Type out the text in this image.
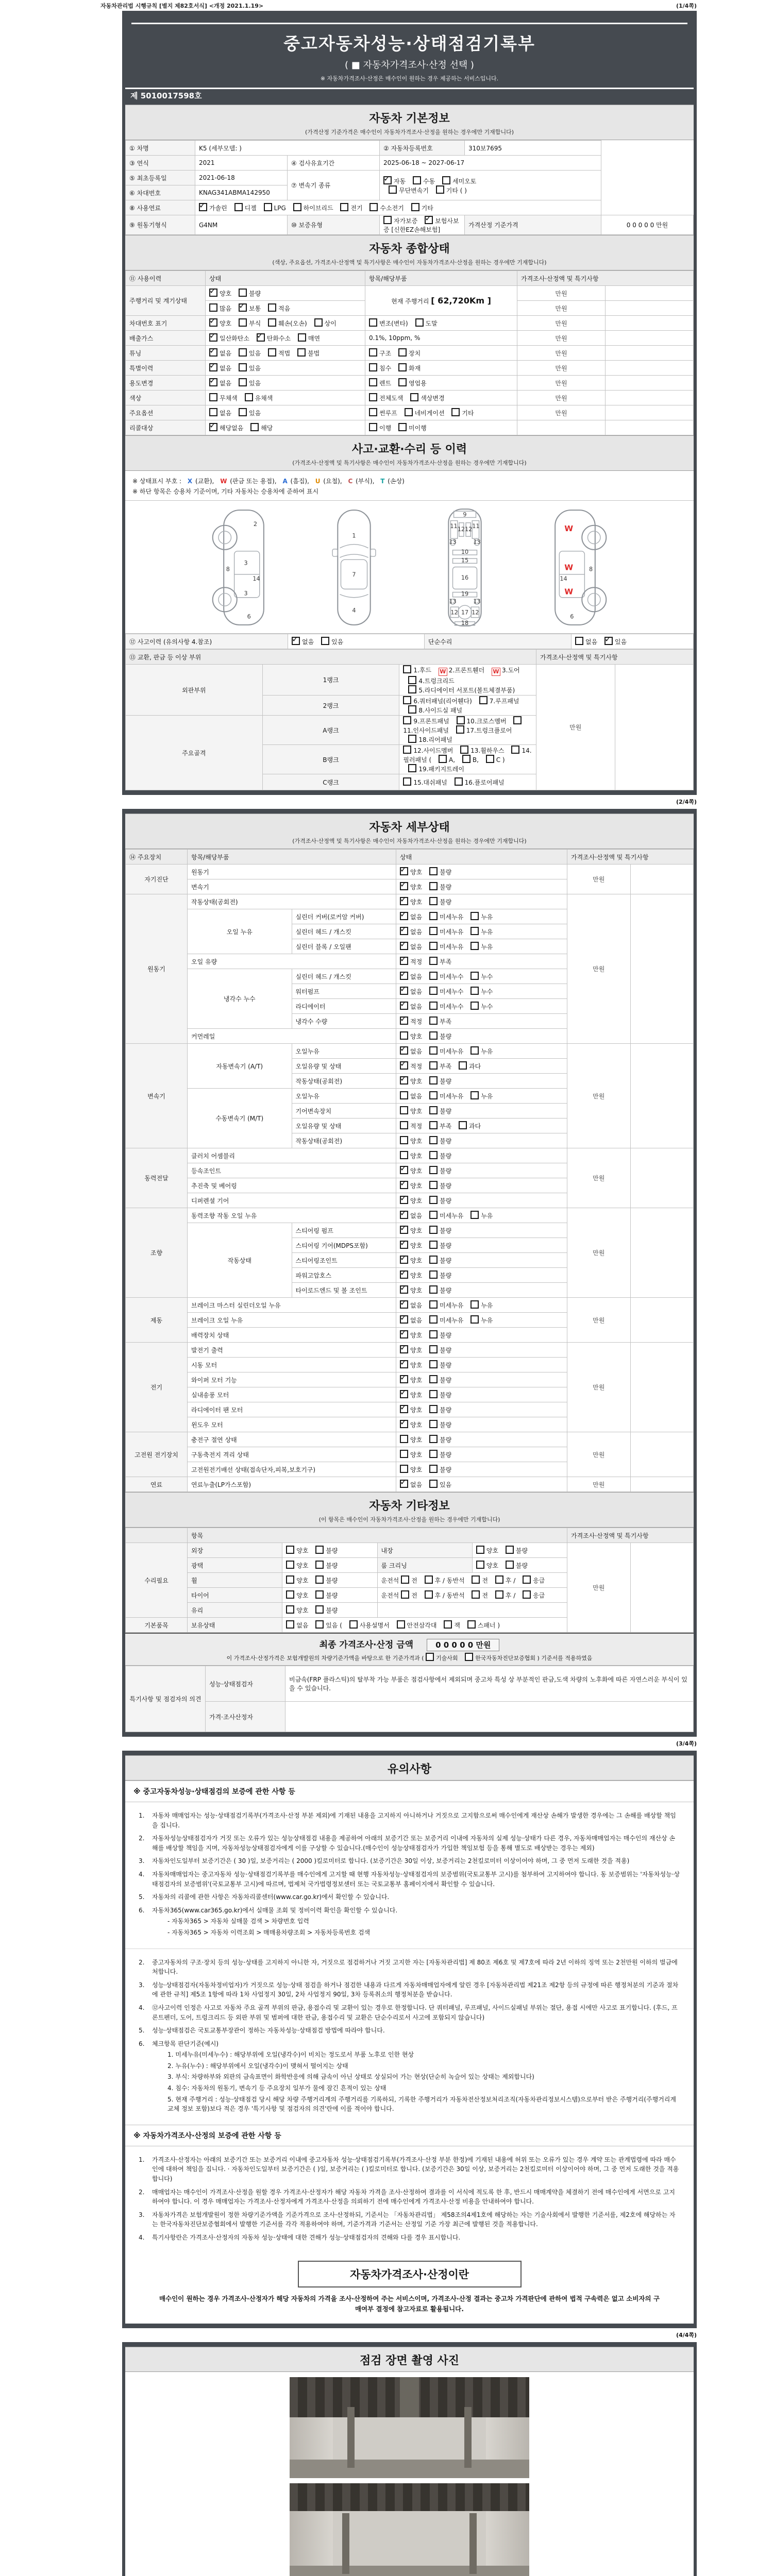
자동차관리법 시행규칙 [별지 제82호서식] <개정 2021.1.19>	(1/4쪽)
중고자동차성능·상태점검기록부
( ■ 자동차가격조사·산정 선택 )
※ 자동차가격조사·산정은 매수인이 원하는 경우 제공하는 서비스입니다.
제 5010017598호
자동차 기본정보
(가격산정 기준가격은 매수인이 자동차가격조사·산정을 원하는 경우에만 기재합니다)
① 차명	K5 (세부모델: )		② 자동차등록번호	310보7695	
③ 연식	2021	④ 검사유효기간	2025-06-18 ~ 2027-06-17		
⑤ 최초등록일	2021-06-18	⑦ 변속기 종류	✓자동 수동 세미오토
무단변속기 기타 ( )
⑥ 차대번호	KNAG341ABMA142950				
⑧ 사용연료	✓가솔린 디젤 LPG 하이브리드 전기 수소전기 기타
⑨ 원동기형식	G4NM	⑩ 보증유형	자가보증 ✓ 보험사보증 [신한EZ손해보험]	가격산정 기준가격	0 0 0 0 0 만원
자동차 종합상태
(색상, 주요옵션, 가격조사·산정액 및 특기사항은 매수인이 자동차가격조사·산정을 원하는 경우에만 기재합니다)
⑪ 사용이력	상태	항목/해당부품	가격조사·산정액 및 특기사항	
주행거리 및 계기상태	✓양호 불량	현재 주행거리 [ 62,720Km ]	만원	
	많음 ✓ 보통 적음		만원	
차대번호 표기	✓양호 부식 훼손(오손) 상이	변조(변타) 도말	만원	
배출가스	✓일산화탄소 ✓ 탄화수소 매연	0.1%, 10ppm, %	만원	
튜닝	✓없음 있음 적법 불법	구조 장치	만원	
특별이력	✓없음 있음	침수 화재	만원	
용도변경	✓없음 있음	렌트 영업용	만원	
색상	무채색 유채색	전체도색 색상변경	만원	
주요옵션	없음 있음	썬루프 네비게이션 기타	만원	
리콜대상	✓해당없음 해당	이행 미이행		
사고·교환·수리 등 이력
(가격조사·산정액 및 특기사항은 매수인이 자동차가격조사·산정을 원하는 경우에만 기재합니다)
※ 상태표시 부호 : X (교환), W (판금 또는 용접), A (흠집), U (요철), C (부식), T (손상)
※ 하단 항목은 승용차 기준이며, 기타 자동차는 승용차에 준하여 표시
2
8
3
14
3
6
1
7
4
9
11	11
12 12
13	13
10
15
16
19
13	13
12 12
17
18
8
14
6
W
W
W
⑫ 사고이력 (유의사항 4.참조)	✓없음	있음	단순수리	없음 ✓	있음
⑬ 교환, 판금 등 이상 부위			가격조사·산정액 및 특기사항	
외판부위	1랭크	1.후드 W 2.프론트휀더 W 3.도어 4.트렁크리드
5.라디에이터 서포트(볼트체결부품)	만원	
	2랭크	6.쿼터패널(리어휀다) 7.루프패널 8.사이드실 패널		
주요골격	A랭크	9.프론트패널 10.크로스멤버 11.인사이드패널 17.트렁크플로어
18.리어패널		
	B랭크	12.사이드멤버 13.휠하우스 14.필러패널 ( A, B, C )
19.패키지트레이		
	C랭크	15.대쉬패널 16.플로어패널		
(2/4쪽)
자동차 세부상태
(가격조사·산정액 및 특기사항은 매수인이 자동차가격조사·산정을 원하는 경우에만 기재합니다)
⑭ 주요장치	항목/해당부품		상태	가격조사·산정액 및 특기사항	
자기진단	원동기	✓양호 불량	만원	
	변속기	✓양호 불량
원동기	작동상태(공회전)	✓양호 불량	만원	
	오일 누유	실린더 커버(로커암 커버)	✓없음 미세누유 누유
		실린더 헤드 / 개스킷	✓없음 미세누유 누유
		실린더 블록 / 오일팬	✓없음 미세누유 누유
	오일 유량	✓적정 부족
	냉각수 누수	실린더 헤드 / 개스킷	✓없음 미세누수 누수
		워터펌프	✓없음 미세누수 누수
		라디에이터	✓없음 미세누수 누수
		냉각수 수량	✓적정 부족
	커먼레일		양호 불량		
변속기	자동변속기 (A/T)	오일누유	✓없음 미세누유 누유	만원	
		오일유량 및 상태	✓적정 부족 과다
		작동상태(공회전)	✓양호 불량
	수동변속기 (M/T)	오일누유	없음 미세누유 누유		
		기어변속장치	양호 불량		
		오일유량 및 상태	적정 부족 과다		
		작동상태(공회전)	양호 불량		
동력전달	클러치 어셈블리		양호 불량	만원	
	등속조인트	✓양호 불량
	추진축 및 베어링	✓양호 불량
	디퍼렌셜 기어	✓양호 불량
조향	동력조향 작동 오일 누유	✓없음 미세누유 누유	만원	
	작동상태	스티어링 펌프	✓양호 불량
		스티어링 기어(MDPS포함)	✓양호 불량
		스티어링조인트	✓양호 불량
		파워고압호스	✓양호 불량
		타이로드엔드 및 볼 조인트	✓양호 불량
제동	브레이크 마스터 실린더오일 누유	✓없음 미세누유 누유	만원	
	브레이크 오일 누유	✓없음 미세누유 누유
	배력장치 상태	✓양호 불량
전기	발전기 출력	✓양호 불량	만원	
	시동 모터	✓양호 불량
	와이퍼 모터 기능	✓양호 불량
	실내송풍 모터	✓양호 불량
	라디에이터 팬 모터	✓양호 불량
	윈도우 모터	✓양호 불량
고전원 전기장치	충전구 절연 상태		양호 불량	만원	
	구동축전지 격리 상태		양호 불량		
	고전원전기배선 상태(접속단자,피복,보호기구)		양호 불량		
연료	연료누출(LP가스포함)	✓없음 있음	만원	
자동차 기타정보
(이 항목은 매수인이 자동차가격조사·산정을 원하는 경우에만 기재합니다)
	항목				가격조사·산정액 및 특기사항	
수리필요	외장	양호 불량	내장	양호 불량	만원	
	광택	양호 불량	룸 크리닝	양호 불량		
	휠	양호 불량	운전석 전 후 / 동반석 전 후 / 응급			
	타이어	양호 불량	운전석 전 후 / 동반석 전 후 / 응급			
	유리	양호 불량				
기본품목	보유상태	없음 있음 ( 사용설명서 안전삼각대 잭 스패너 )				
최종 가격조사·산정 금액	0 0 0 0 0 만원
이 가격조사·산정가격은 보험개발원의 차량기준가액을 바탕으로 한 기준가격과 ( 기술사회	한국자동차진단보증협회 ) 기준서를 적용하였음
특기사항 및 점검자의 의견	성능·상태점검자	비금속(FRP 플라스틱)의 탈부착 가능 부품은 점검사항에서 제외되며 중고차 특성 상 부분적인 판금,도색 차량의 노후화에 따른 자연스러운 부식이 있을 수 있습니다.
	가격·조사산정자	
(3/4쪽)
유의사항
※ 중고자동차성능·상태점검의 보증에 관한 사항 등
1.	자동차 매매업자는 성능·상태점검기록부(가격조사·산정 부분 제외)에 기재된 내용을 고지하지 아니하거나 거짓으로 고지함으로써 매수인에게 재산상 손해가 발생한 경우에는 그 손해를 배상할 책임을 집니다.
2.	자동차성능상태점검자가 거짓 또는 오류가 있는 성능상태점검 내용을 제공하여 아래의 보증기간 또는 보증거리 이내에 자동차의 실제 성능·상태가 다른 경우, 자동차매매업자는 매수인의 재산상 손해를 배상할 책임을 지며, 자동차성능상태점검자에게 이를 구상할 수 있습니다.(매수인이 성능상태점검자가 가입한 책임보험 등을 통해 별도로 배상받는 경우는 제외)
3.	자동차인도일부터 보증기간은 ( 30 )일, 보증거리는 ( 2000 )킬로미터로 합니다. (보증기간은 30일 이상, 보증거리는 2천킬로미터 이상이어야 하며, 그 중 먼저 도래한 것을 적용)
4.	자동차매매업자는 중고자동차 성능·상태점검기록부를 매수인에게 고지할 때 현행 자동차성능·상태점검자의 보증범위(국토교통부 고시)를 첨부하여 고지하여야 합니다. 동 보증범위는 '자동차성능·상태점검자의 보증범위'(국토교통부 고시)에 따르며, 법제처 국가법령정보센터 또는 국토교통부 홈페이지에서 확인할 수 있습니다.
5.	자동차의 리콜에 관한 사항은 자동차리콜센터(www.car.go.kr)에서 확인할 수 있습니다.
6.	자동차365(www.car365.go.kr)에서 실매물 조회 및 정비이력 확인을 확인할 수 있습니다.
- 자동차365 > 자동차 실매물 검색 > 차량번호 입력
- 자동차365 > 자동차 이력조회 > 매매용차량조회 > 자동차등록번호 검색
2.	중고자동차의 구조·장치 등의 성능·상태를 고지하지 아니한 자, 거짓으로 점검하거나 거짓 고지한 자는 [자동차관리법] 제 80조 제6호 및 제7호에 따라 2년 이하의 징역 또는 2천만원 이하의 벌금에 처합니다.
3.	성능·상태점검자(자동차정비업자)가 거짓으로 성능·상태 점검을 하거나 점검한 내용과 다르게 자동차매매업자에게 알린 경우 [자동차관리법 제21조 제2항 등의 규정에 따른 행정처분의 기준과 절차에 관한 규칙] 제5조 1항에 따라 1차 사업정지 30일, 2차 사업정지 90일, 3차 등록취소의 행정처분을 받습니다.
4.	⑫사고이력 인정은 사고로 자동차 주요 골격 부위의 판금, 용접수리 및 교환이 있는 경우로 한정합니다. 단 쿼터패널, 루프패널, 사이드실패널 부위는 절단, 용접 시에만 사고로 표기합니다. (후드, 프론트펜더, 도어, 트렁크리드 등 외판 부위 및 범퍼에 대한 판금, 용접수리 및 교환은 단순수리로서 사고에 포함되지 않습니다)
5.	성능·상태점검은 국토교통부장관이 정하는 자동차성능·상태점검 방법에 따라야 합니다.
6.	체크항목 판단기준(예시)
1. 미세누유(미세누수) : 해당부위에 오일(냉각수)이 비치는 정도로서 부품 노후로 인한 현상
2. 누유(누수) : 해당부위에서 오일(냉각수)이 맺혀서 떨어지는 상태
3. 부식: 차량하부와 외판의 금속표면이 화학반응에 의해 금속이 아닌 상태로 상실되어 가는 현상(단순히 녹슬어 있는 상태는 제외합니다)
4. 침수: 자동차의 원동기, 변속기 등 주요장치 일부가 물에 잠긴 흔적이 있는 상태
5. 현재 주행거리 : 성능·상태점검 당시 해당 차량 주행거리계의 주행거리를 기록하되, 기록한 주행거리가 자동차전산정보처리조직(자동차관리정보시스템)으로부터 받은 주행거리(주행거리계 교체 정보 포함)보다 적은 경우 '특기사항 및 점검자의 의견'란에 이를 적어야 합니다.
※ 자동차가격조사·산정의 보증에 관한 사항 등
1.	가격조사·산정자는 아래의 보증기간 또는 보증거리 이내에 중고자동차 성능·상태점검기록부(가격조사·산정 부분 한정)에 기재된 내용에 허위 또는 오류가 있는 경우 계약 또는 관계법령에 따라 매수인에 대하여 책임을 집니다. · 자동차인도일부터 보증기간은 ( )일, 보증거리는 ( )킬로미터로 합니다. (보증기간은 30일 이상, 보증거리는 2천킬로미터 이상이어야 하며, 그 중 먼저 도래한 것을 적용합니다)
2.	매매업자는 매수인이 가격조사·산정을 원할 경우 가격조사·산정자가 해당 자동차 가격을 조사·산정하여 결과를 이 서식에 적도록 한 후, 반드시 매매계약을 체결하기 전에 매수인에게 서면으로 고지하여야 합니다. 이 경우 매매업자는 가격조사·산정자에게 가격조사·산정을 의뢰하기 전에 매수인에게 가격조사·산정 비용을 안내하여야 합니다.
3.	자동차가격은 보험개발원이 정한 차량기준가액을 기준가격으로 조사·산정하되, 기준서는 「자동차관리법」 제58조의4제1호에 해당하는 자는 기술사회에서 발행한 기준서를, 제2호에 해당하는 자는 한국자동차진단보증협회에서 발행한 기준서를 각각 적용하여야 하며, 기준가격과 기준서는 산정일 기준 가장 최근에 발행된 것을 적용합니다.
4.	특기사항란은 가격조사·산정자의 자동차 성능·상태에 대한 견해가 성능·상태점검자의 견해와 다를 경우 표시합니다.
자동차가격조사·산정이란
매수인이 원하는 경우 가격조사·산정자가 해당 자동차의 가격을 조사·산정하여 주는 서비스이며, 가격조사·산정 결과는 중고차 가격판단에 관하여 법적 구속력은 없고 소비자의 구매여부 결정에 참고자료로 활용됩니다.
(4/4쪽)
점검 장면 촬영 사진
